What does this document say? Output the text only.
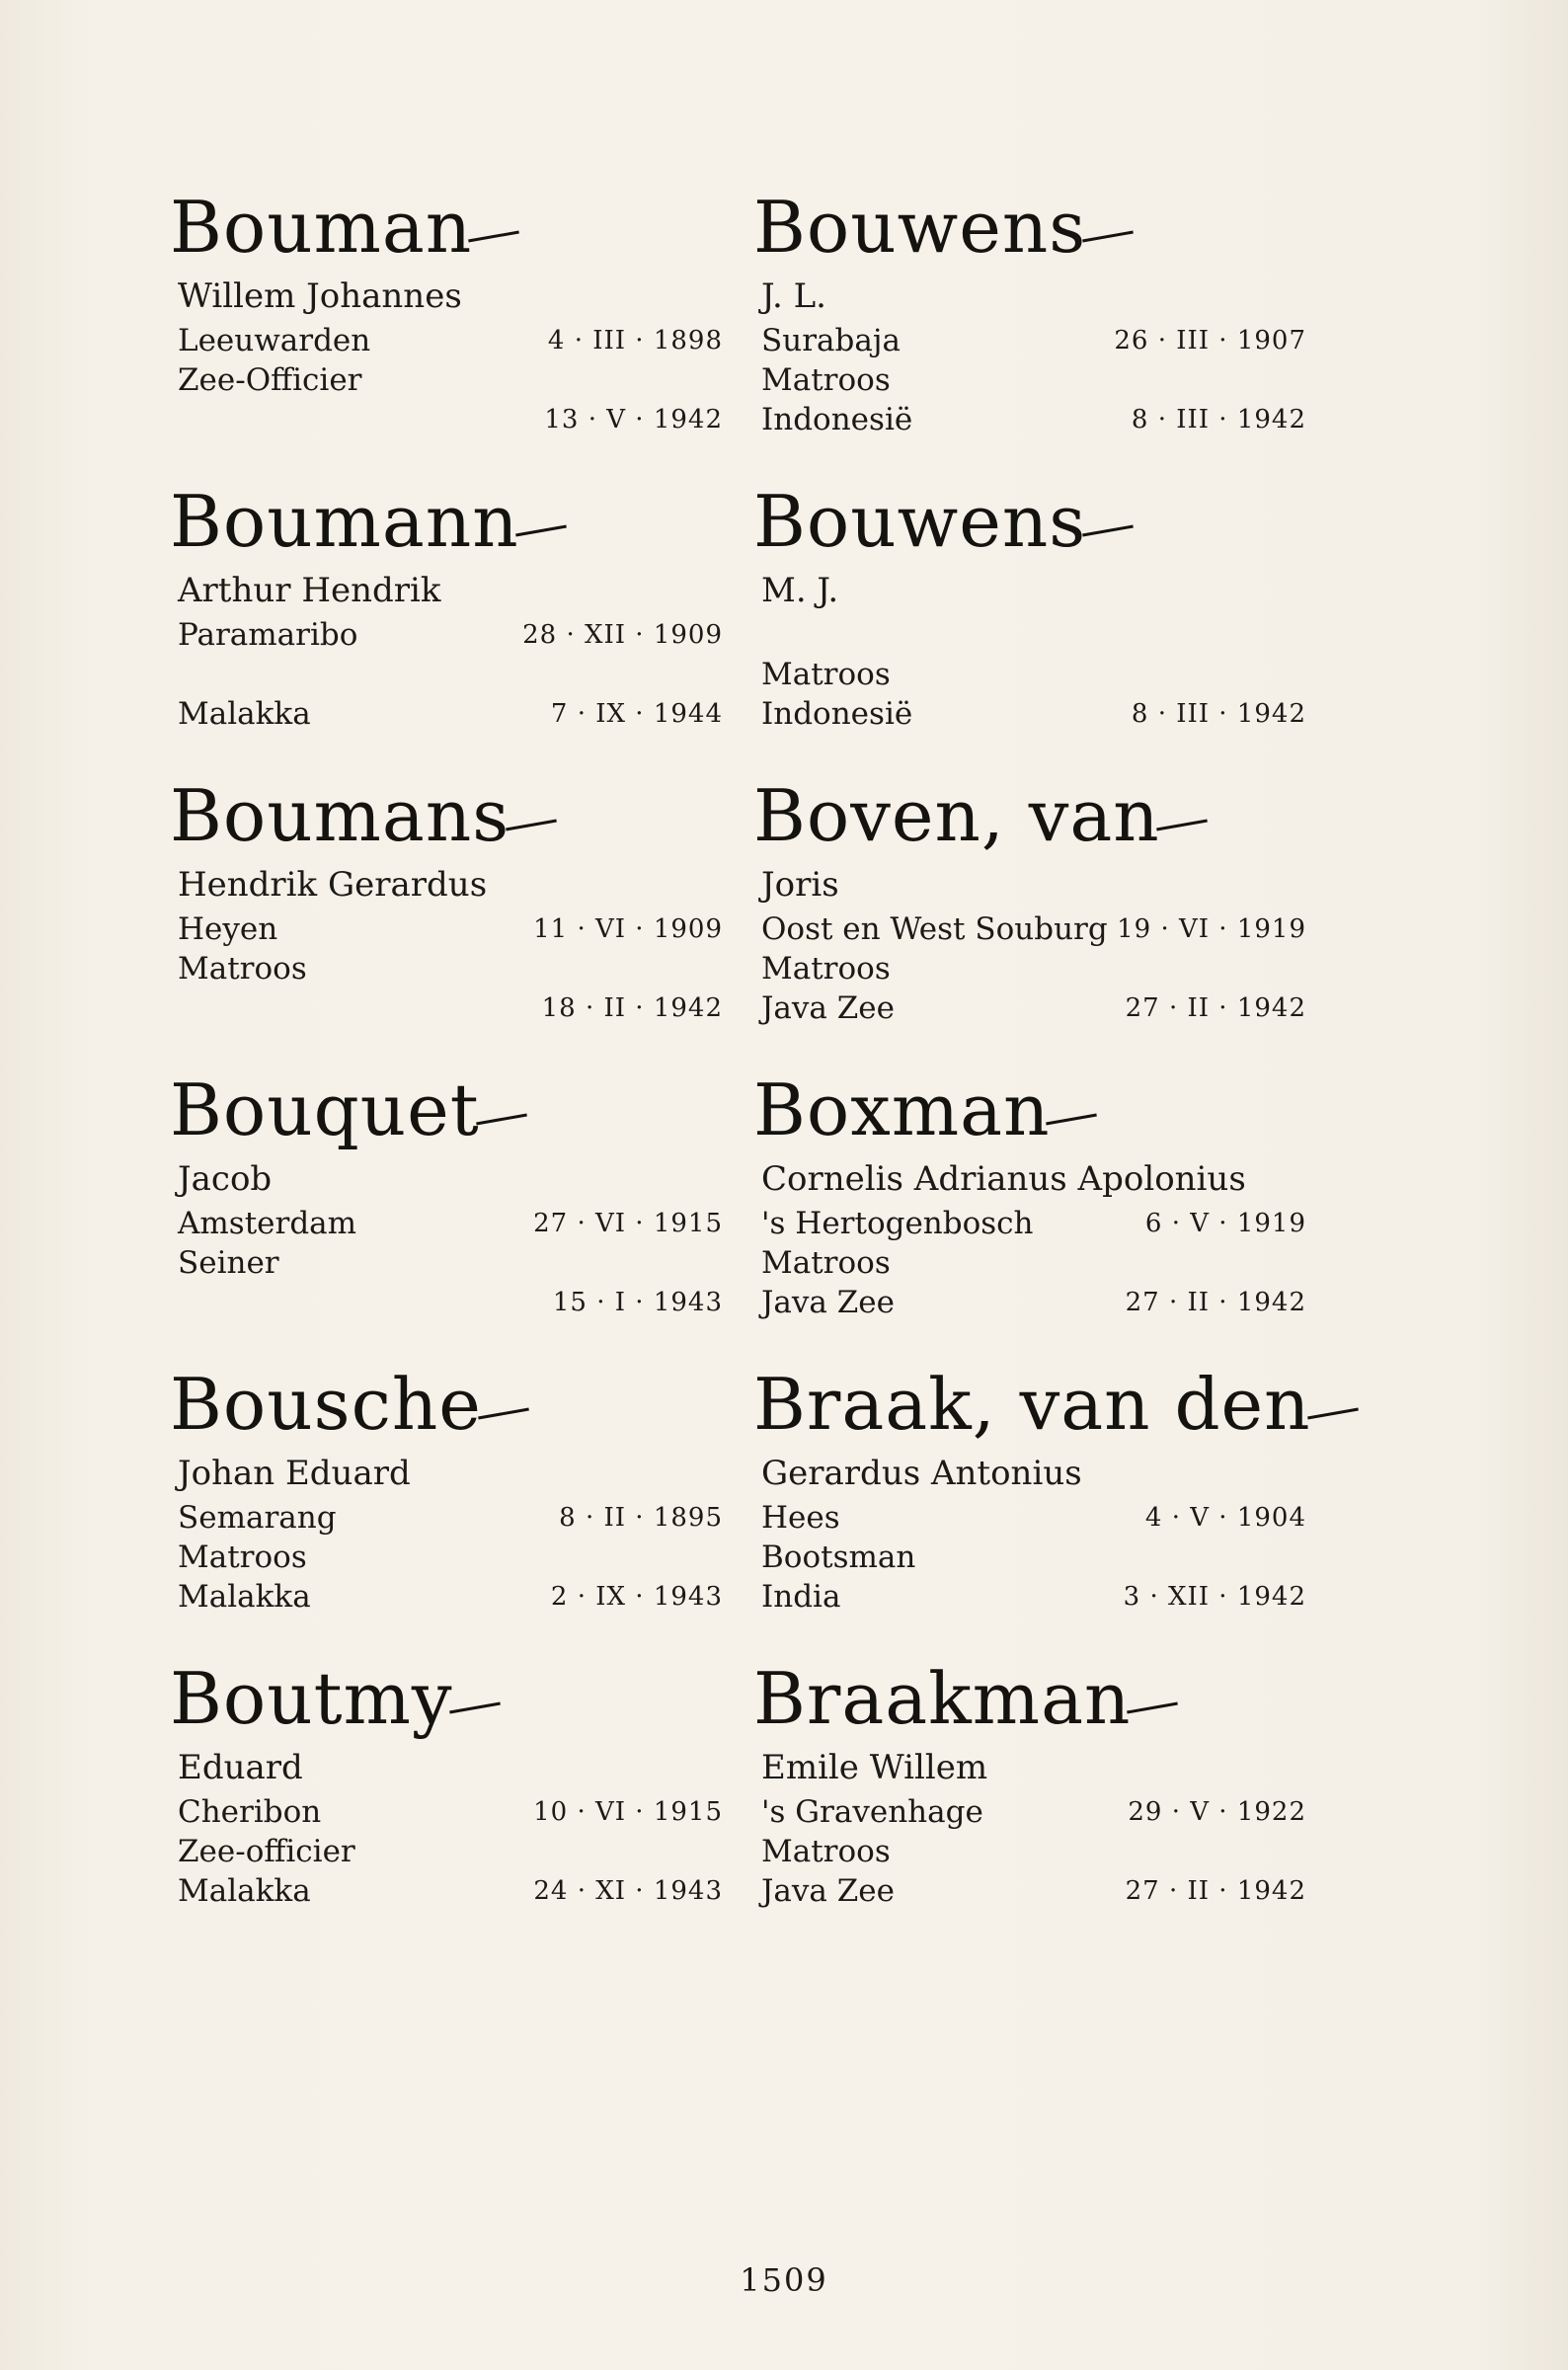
Bouman
Willem Johannes
Leeuwarden	4 · III · 1898
Zee-Officier
13 · V · 1942
Boumann
Arthur Hendrik
Paramaribo	28 · XII · 1909
Malakka	7 · IX · 1944
Boumans
Hendrik Gerardus
Heyen	11 · VI · 1909
Matroos
18 · II · 1942
Bouquet
Jacob
Amsterdam	27 · VI · 1915
Seiner
15 · I · 1943
Bousche
Johan Eduard
Semarang	8 · II · 1895
Matroos
Malakka	2 · IX · 1943
Boutmy
Eduard
Cheribon	10 · VI · 1915
Zee-officier
Malakka	24 · XI · 1943
Bouwens
J. L.
Surabaja	26 · III · 1907
Matroos
Indonesië	8 · III · 1942
Bouwens
M. J.
Matroos
Indonesië	8 · III · 1942
Boven, van
Joris
Oost en West Souburg 19 · VI · 1919
Matroos
Java Zee	27 · II · 1942
Boxman
Cornelis Adrianus Apolonius
's Hertogenbosch	6 · V · 1919
Matroos
Java Zee	27 · II · 1942
Braak, van den
Gerardus Antonius
Hees	4 · V · 1904
Bootsman
India	3 · XII · 1942
Braakman
Emile Willem
's Gravenhage	29 · V · 1922
Matroos
Java Zee	27 · II · 1942
1509
